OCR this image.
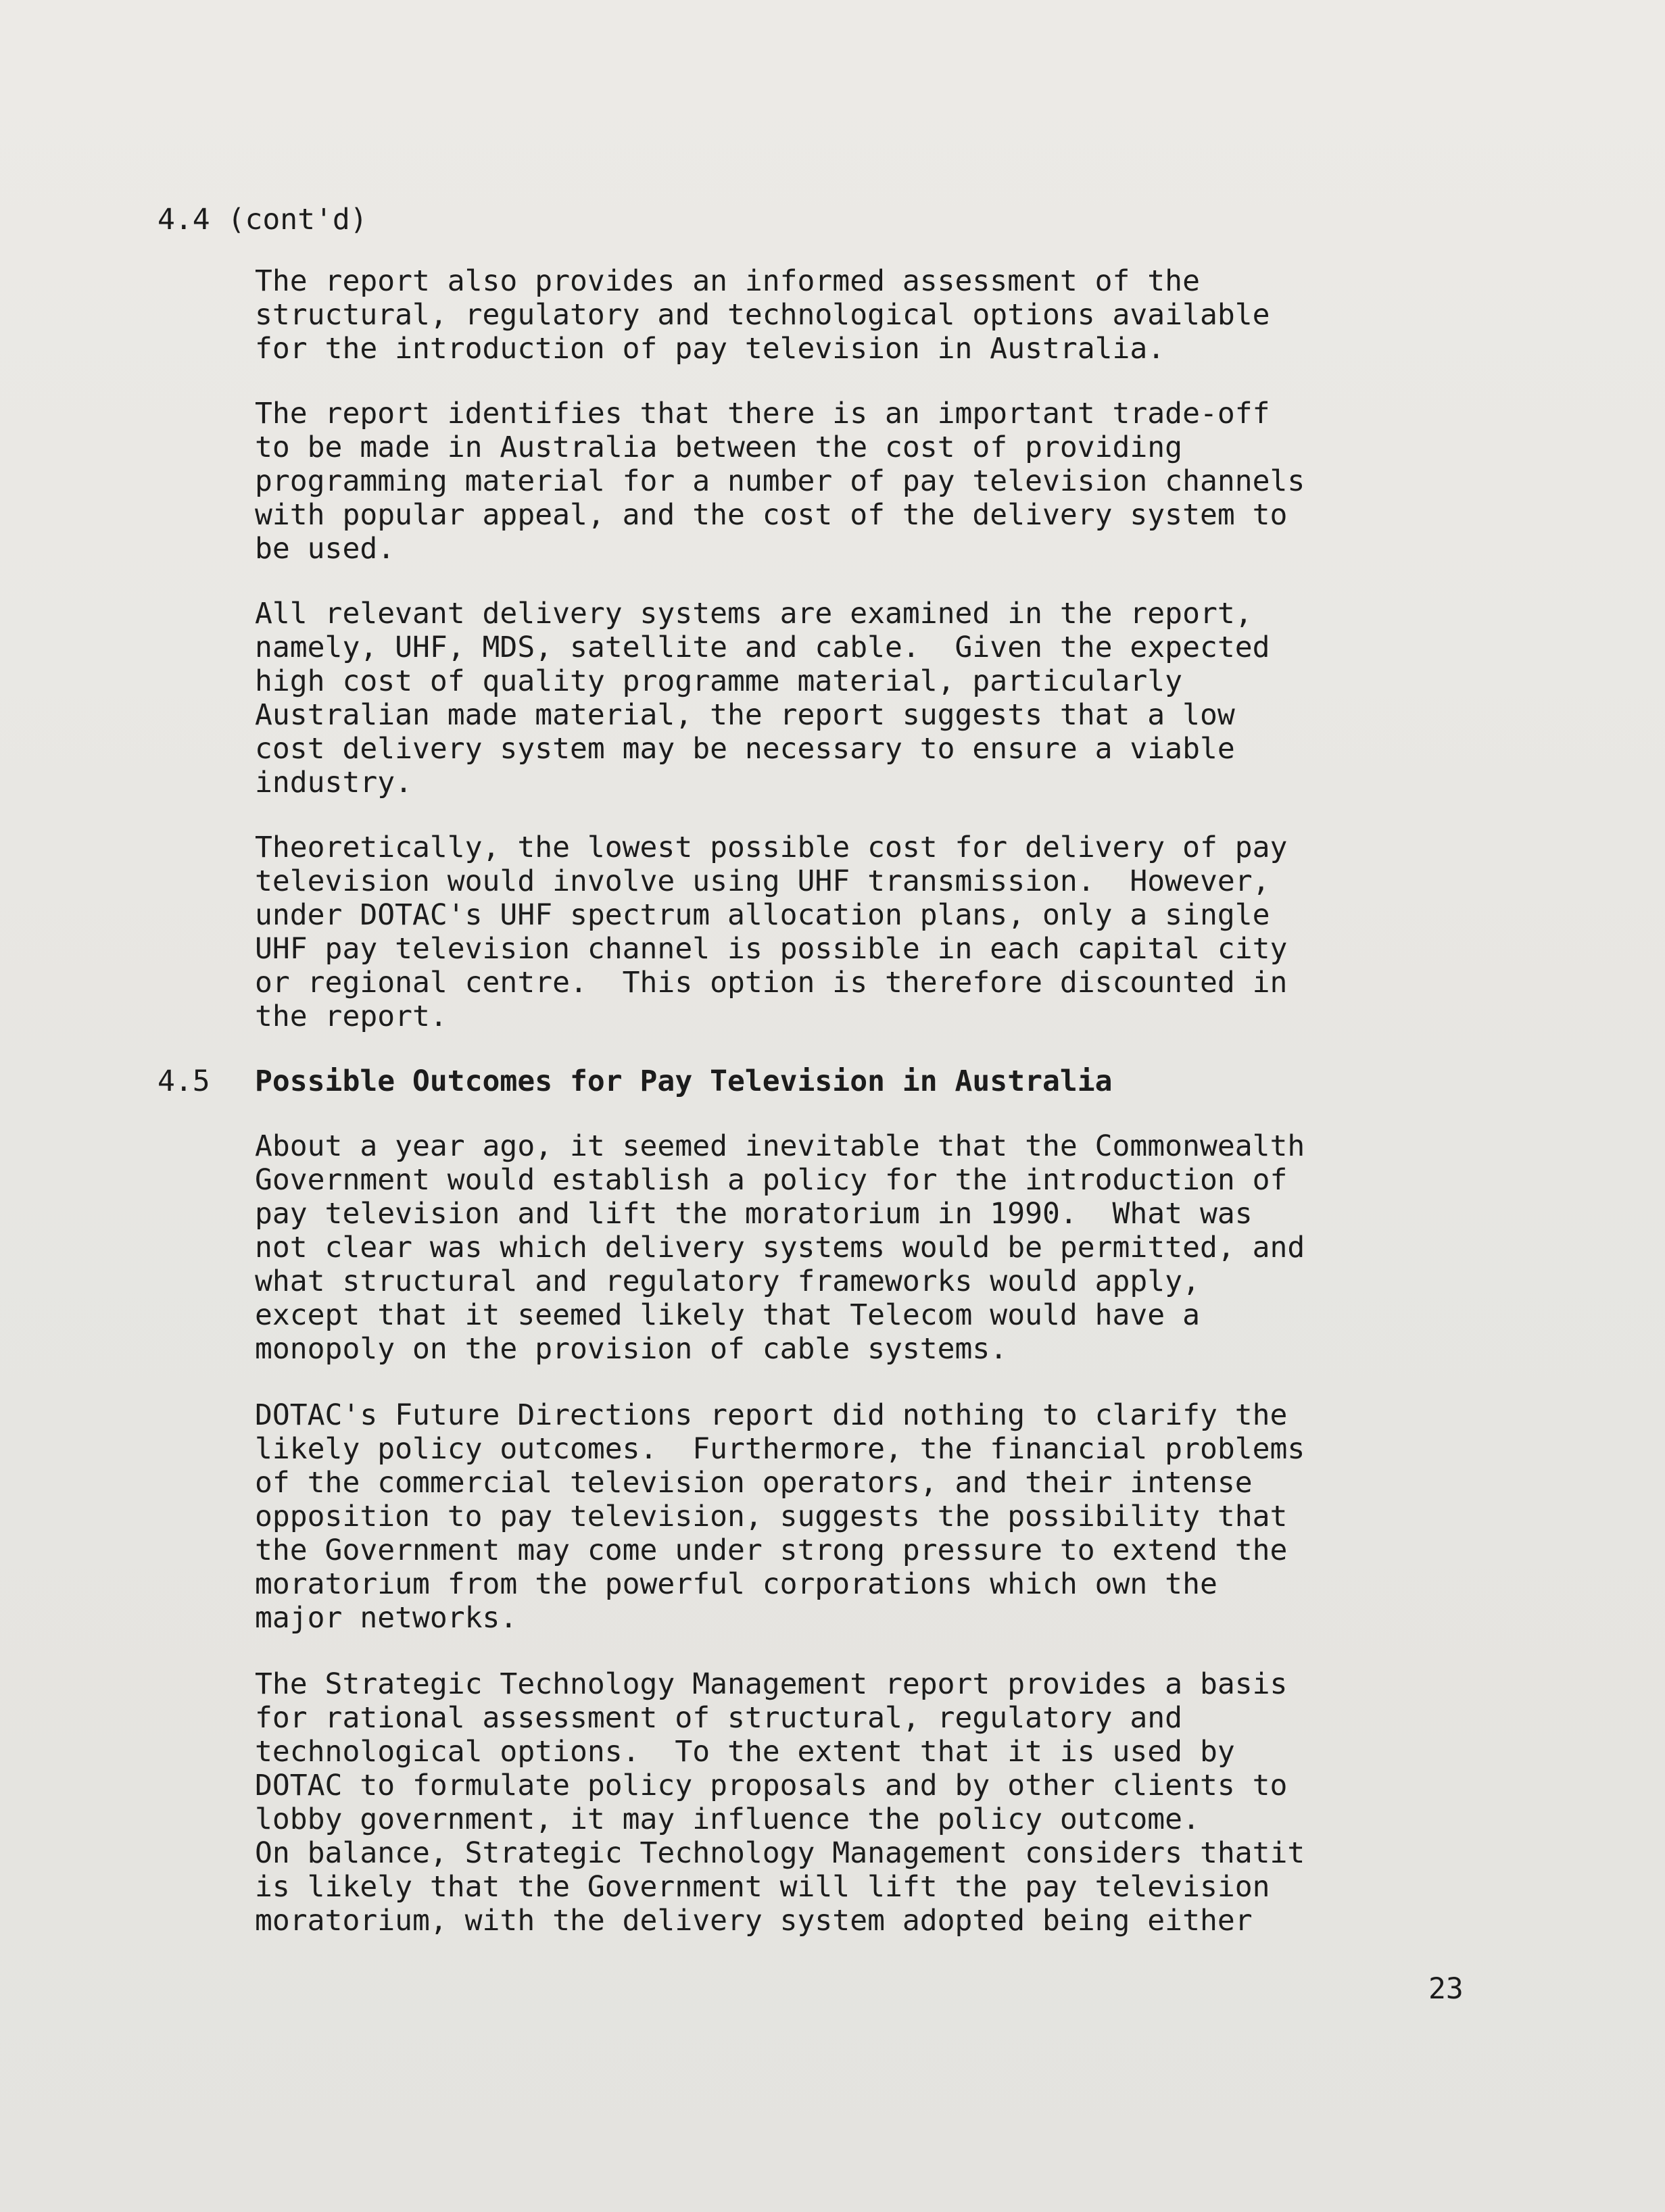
4.4 (cont'd)
The report also provides an informed assessment of the
structural, regulatory and technological options available
for the introduction of pay television in Australia.
The report identifies that there is an important trade-off
to be made in Australia between the cost of providing
programming material for a number of pay television channels
with popular appeal, and the cost of the delivery system to
be used.
All relevant delivery systems are examined in the report,
namely, UHF, MDS, satellite and cable.  Given the expected
high cost of quality programme material, particularly
Australian made material, the report suggests that a low
cost delivery system may be necessary to ensure a viable
industry.
Theoretically, the lowest possible cost for delivery of pay
television would involve using UHF transmission.  However,
under DOTAC's UHF spectrum allocation plans, only a single
UHF pay television channel is possible in each capital city
or regional centre.  This option is therefore discounted in
the report.
4.5 Possible Outcomes for Pay Television in Australia
About a year ago, it seemed inevitable that the Commonwealth
Government would establish a policy for the introduction of
pay television and lift the moratorium in 1990.  What was
not clear was which delivery systems would be permitted, and
what structural and regulatory frameworks would apply,
except that it seemed likely that Telecom would have a
monopoly on the provision of cable systems.
DOTAC's Future Directions report did nothing to clarify the
likely policy outcomes.  Furthermore, the financial problems
of the commercial television operators, and their intense
opposition to pay television, suggests the possibility that
the Government may come under strong pressure to extend the
moratorium from the powerful corporations which own the
major networks.
The Strategic Technology Management report provides a basis
for rational assessment of structural, regulatory and
technological options.  To the extent that it is used by
DOTAC to formulate policy proposals and by other clients to
lobby government, it may influence the policy outcome.
On balance, Strategic Technology Management considers thatit
is likely that the Government will lift the pay television
moratorium, with the delivery system adopted being either
23
